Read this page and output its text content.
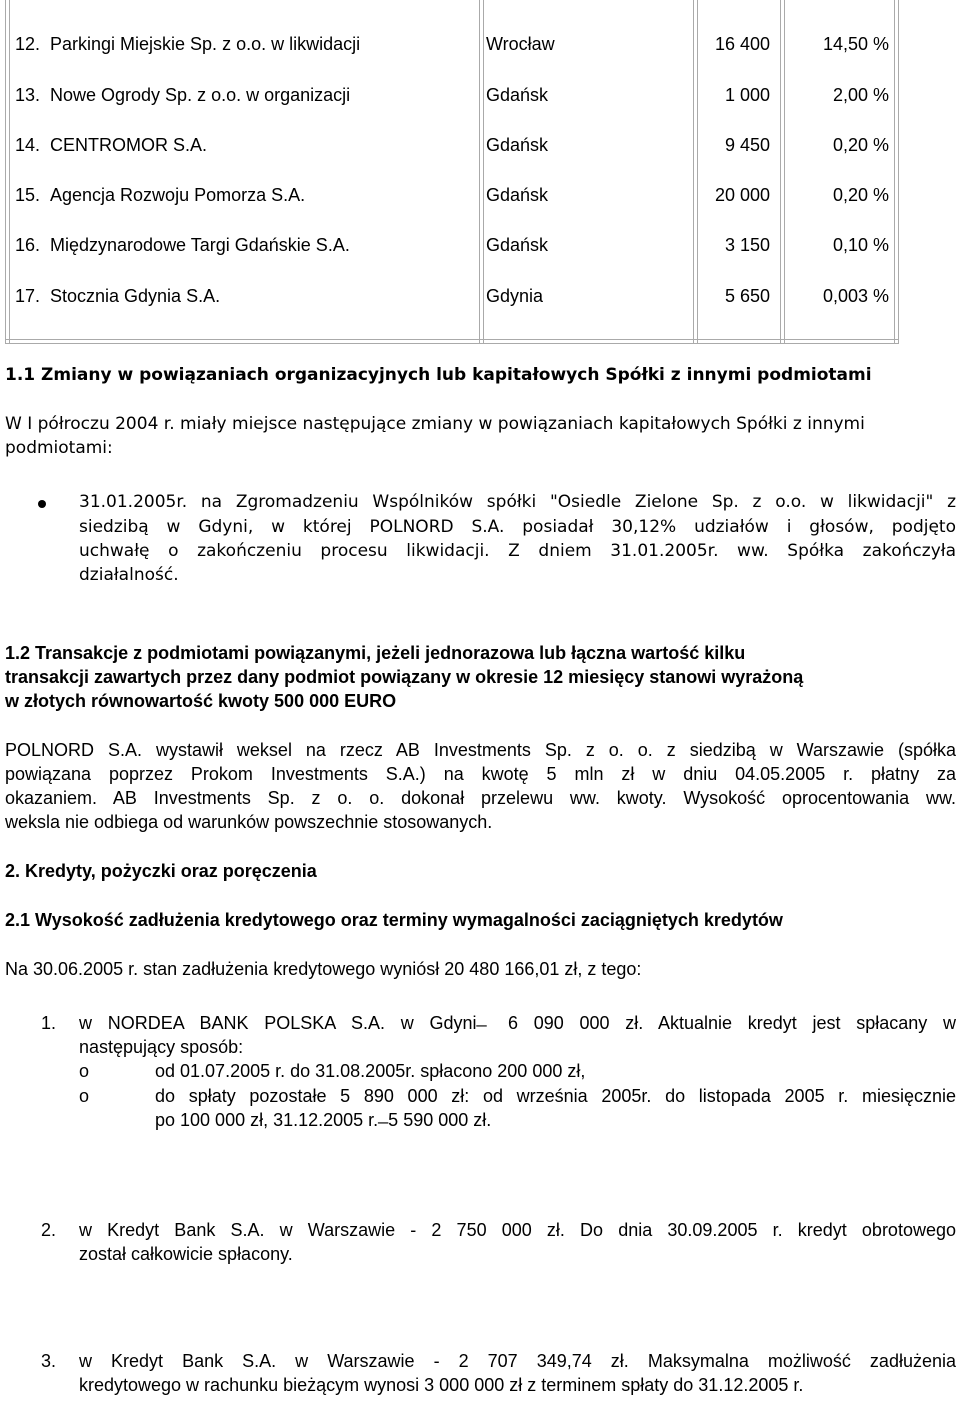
12. Parkingi Miejskie Sp. z o.o. w likwidacji	Wrocław	16 400	14,50 %
13. Nowe Ogrody Sp. z o.o. w organizacji	Gdańsk	1 000	2,00 %
14. CENTROMOR S.A.	Gdańsk	9 450	0,20 %
15. Agencja Rozwoju Pomorza S.A.	Gdańsk	20 000	0,20 %
16. Międzynarodowe Targi Gdańskie S.A.	Gdańsk	3 150	0,10 %
17. Stocznia Gdynia S.A.	Gdynia	5 650	0,003 %
1.1 Zmiany w powiązaniach organizacyjnych lub kapitałowych Spółki z innymi podmiotami
W I półroczu 2004 r. miały miejsce następujące zmiany w powiązaniach kapitałowych Spółki z innymi
podmiotami:
31.01.2005r. na Zgromadzeniu Wspólników spółki "Osiedle Zielone Sp. z o.o. w likwidacji" z
siedzibą w Gdyni, w której POLNORD S.A. posiadał 30,12% udziałów i głosów, podjęto
uchwałę o zakończeniu procesu likwidacji. Z dniem 31.01.2005r. ww. Spółka zakończyła
działalność.
1.2 Transakcje z podmiotami powiązanymi, jeżeli jednorazowa lub łączna wartość kilku
transakcji zawartych przez dany podmiot powiązany w okresie 12 miesięcy stanowi wyrażoną
w złotych równowartość kwoty 500 000 EURO
POLNORD S.A. wystawił weksel na rzecz AB Investments Sp. z o. o. z siedzibą w Warszawie (spółka
powiązana poprzez Prokom Investments S.A.) na kwotę 5 mln zł w dniu 04.05.2005 r. płatny za
okazaniem. AB Investments Sp. z o. o. dokonał przelewu ww. kwoty. Wysokość oprocentowania ww.
weksla nie odbiega od warunków powszechnie stosowanych.
2. Kredyty, pożyczki oraz poręczenia
2.1 Wysokość zadłużenia kredytowego oraz terminy wymagalności zaciągniętych kredytów
Na 30.06.2005 r. stan zadłużenia kredytowego wyniósł 20 480 166,01 zł, z tego:
1. w NORDEA BANK POLSKA S.A. w Gdyni ̶ 6 090 000 zł. Aktualnie kredyt jest spłacany w
następujący sposób:
o	od 01.07.2005 r. do 31.08.2005r. spłacono 200 000 zł,
o	do spłaty pozostałe 5 890 000 zł: od września 2005r. do listopada 2005 r. miesięcznie
po 100 000 zł, 31.12.2005 r. ̶ 5 590 000 zł.
2. w Kredyt Bank S.A. w Warszawie - 2 750 000 zł. Do dnia 30.09.2005 r. kredyt obrotowego
został całkowicie spłacony.
3. w Kredyt Bank S.A. w Warszawie - 2 707 349,74 zł. Maksymalna możliwość zadłużenia
kredytowego w rachunku bieżącym wynosi 3 000 000 zł z terminem spłaty do 31.12.2005 r.
